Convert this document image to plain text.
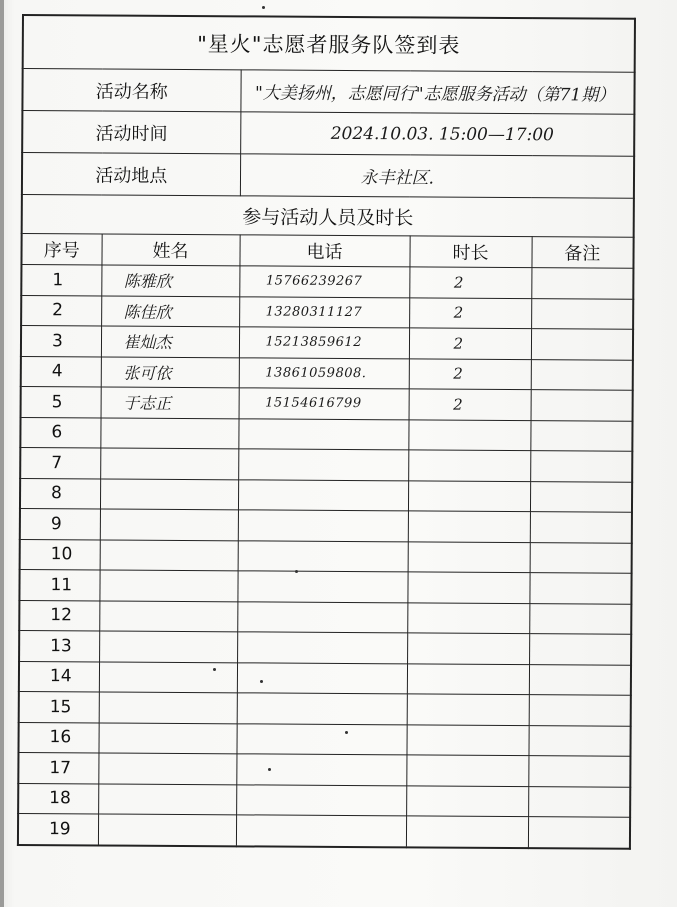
"星火"志愿者服务队签到表				
活动名称		"大美扬州，志愿同行"志愿服务活动（第71期）		
活动时间		2024.10.03. 15:00—17:00		
活动地点		永丰社区.		
参与活动人员及时长				
序号	姓名	电话	时长	备注
1	陈雅欣	15766239267	2	
2	陈佳欣	13280311127	2	
3	崔灿杰	15213859612	2	
4	张可依	13861059808.	2	
5	于志正	15154616799	2	
6				
7				
8				
9				
10				
11				
12				
13				
14				
15				
16				
17				
18				
19				
